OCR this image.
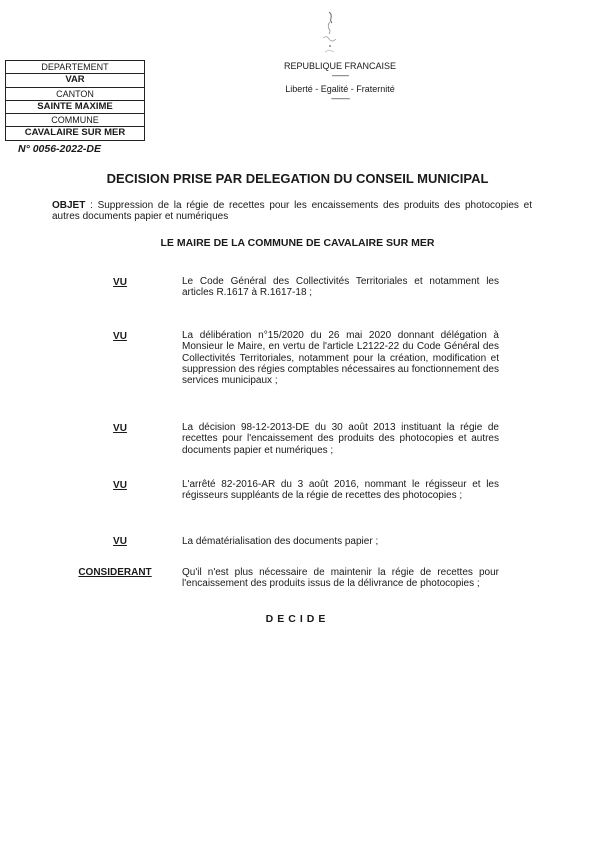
DEPARTEMENT
VAR
CANTON
SAINTE MAXIME
COMMUNE
CAVALAIRE SUR MER
REPUBLIQUE FRANCAISE
----------
Liberté - Egalité - Fraternité
-----------
N° 0056-2022-DE
DECISION PRISE PAR DELEGATION DU CONSEIL MUNICIPAL
OBJET : Suppression de la régie de recettes pour les encaissements des produits des photocopies et autres documents papier et numériques
LE MAIRE DE LA COMMUNE DE CAVALAIRE SUR MER
VU	Le Code Général des Collectivités Territoriales et notamment les articles R.1617 à R.1617-18 ;
VU	La délibération n°15/2020 du 26 mai 2020 donnant délégation à Monsieur le Maire, en vertu de l'article L2122-22 du Code Général des Collectivités Territoriales, notamment pour la création, modification et suppression des régies comptables nécessaires au fonctionnement des services municipaux ;
VU	La décision 98-12-2013-DE du 30 août 2013 instituant la régie de recettes pour l'encaissement des produits des photocopies et autres documents papier et numériques ;
VU	L'arrêté 82-2016-AR du 3 août 2016, nommant le régisseur et les régisseurs suppléants de la régie de recettes des photocopies ;
VU	La dématérialisation des documents papier ;
CONSIDERANT	Qu'il n'est plus nécessaire de maintenir la régie de recettes pour l'encaissement des produits issus de la délivrance de photocopies ;
DECIDE
